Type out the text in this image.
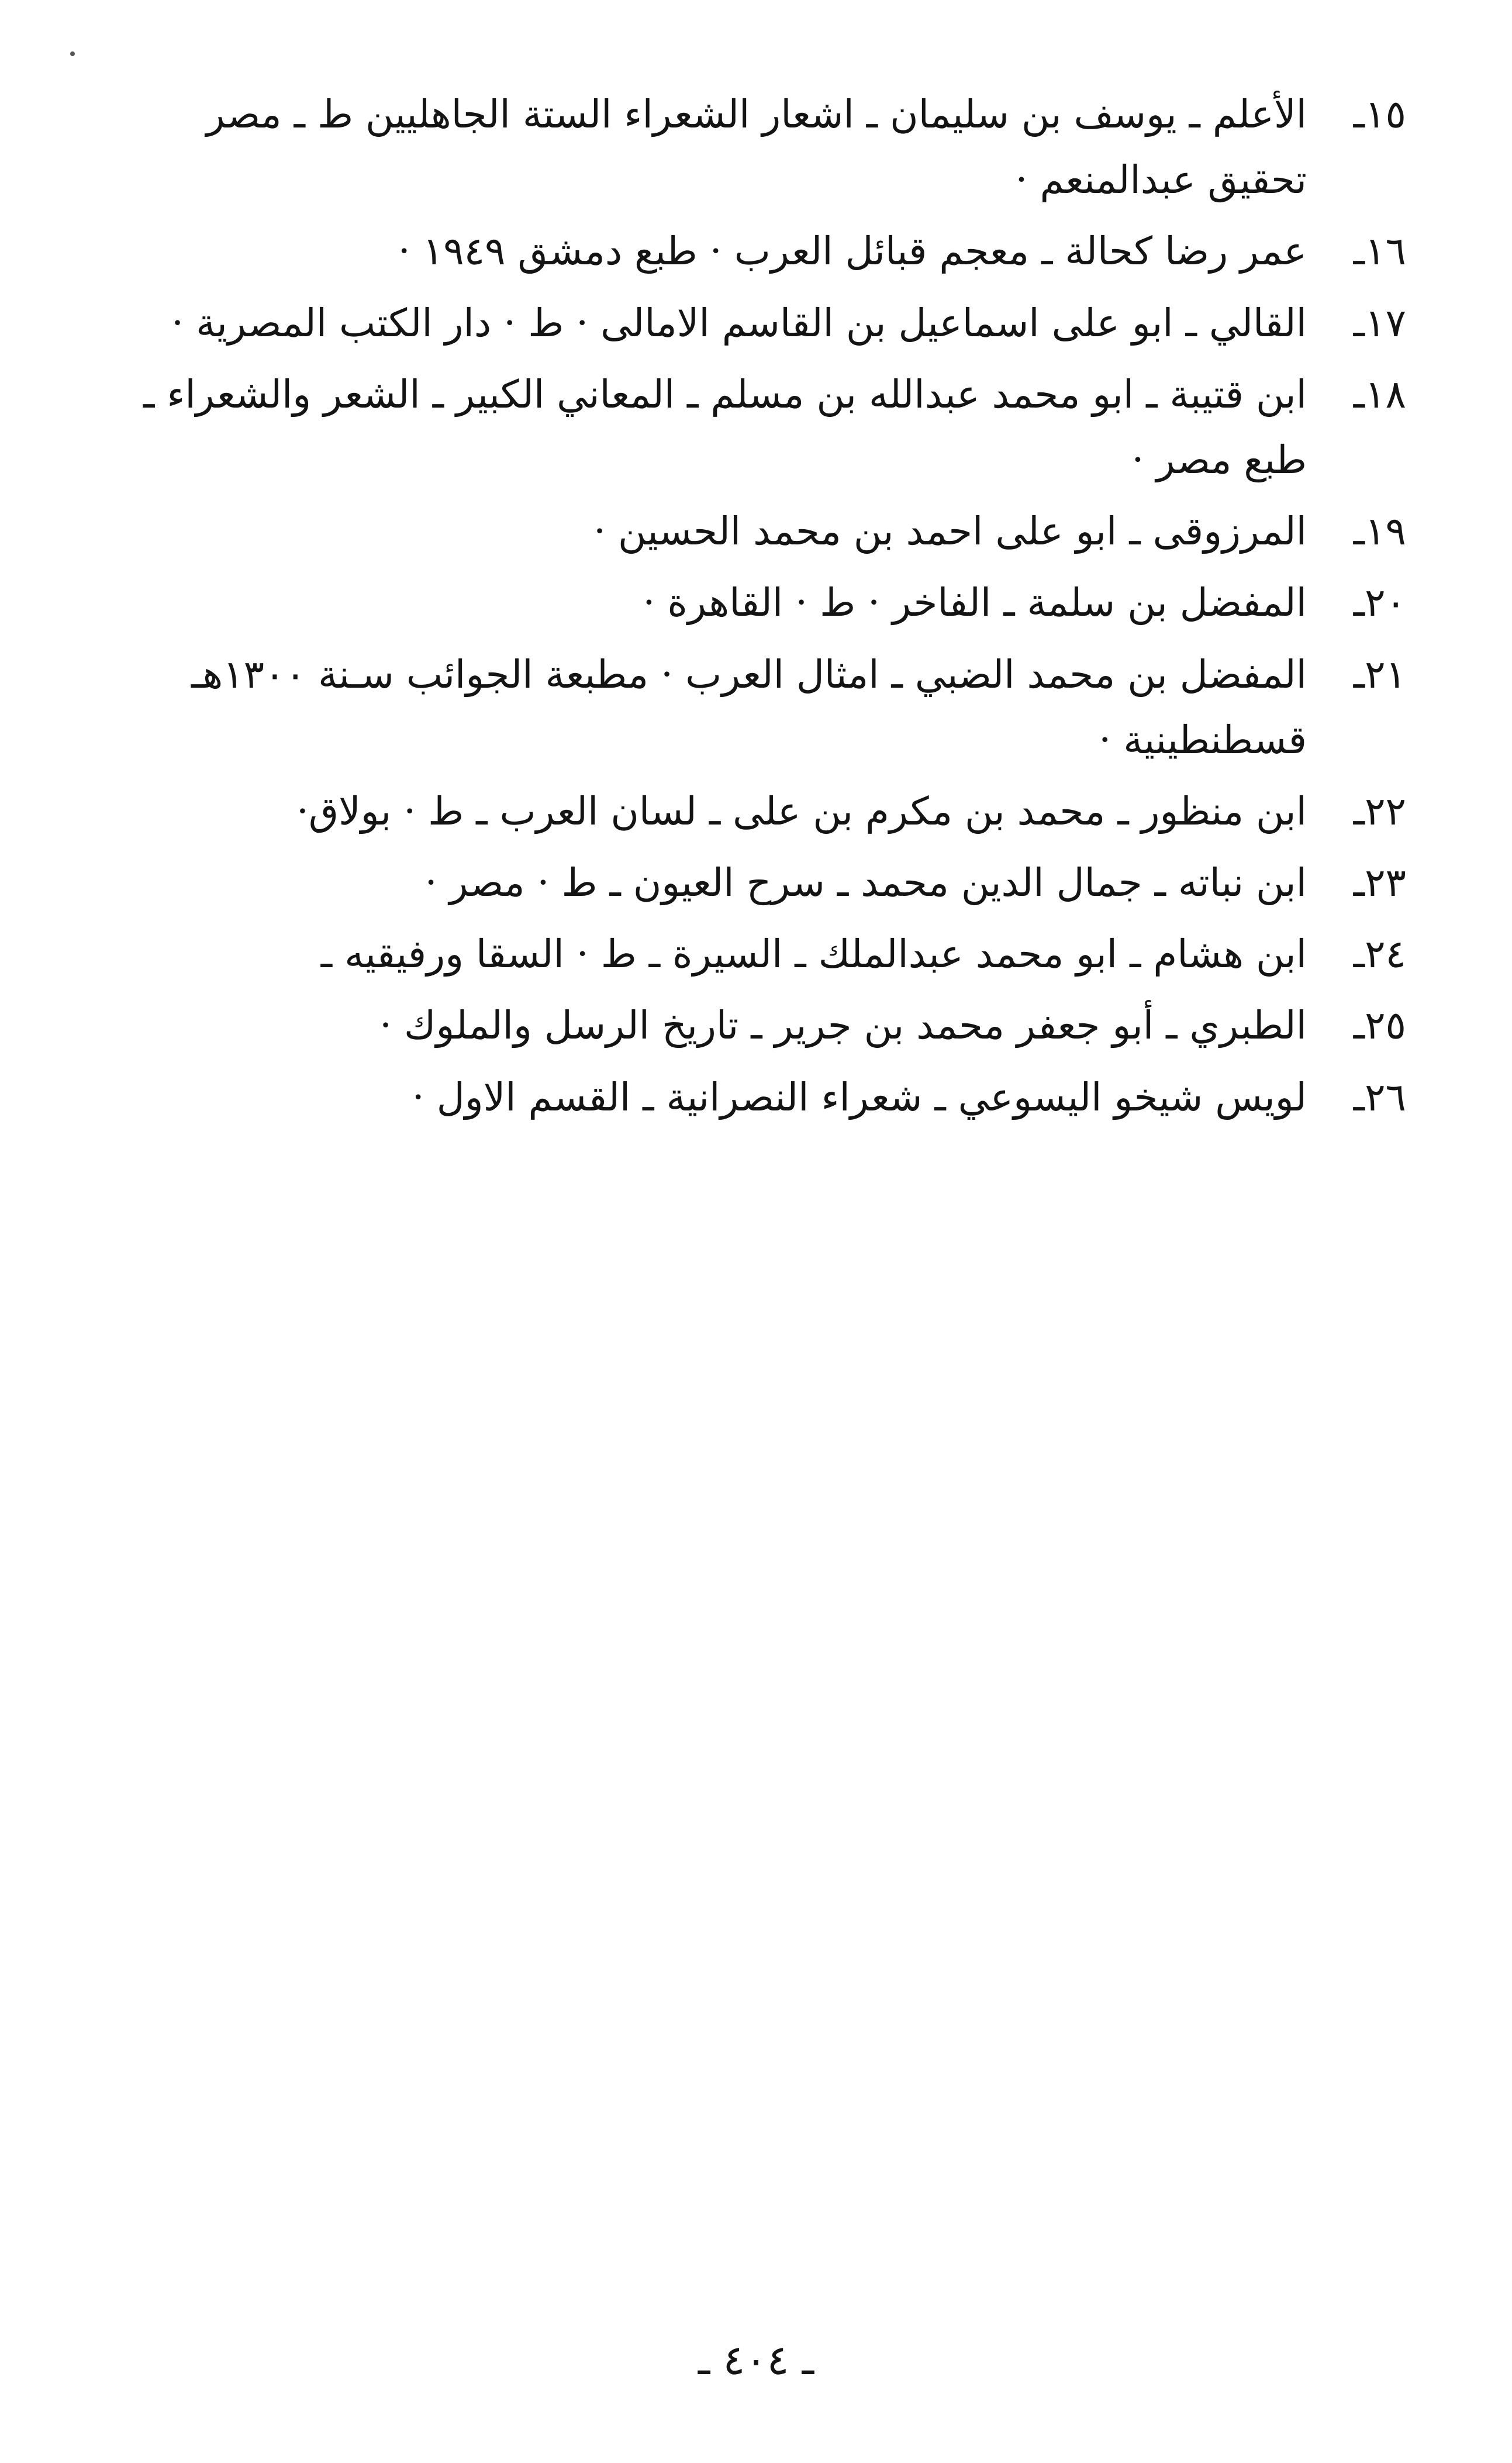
١٥ـ
الأعلم ـ يوسف بن سليمان ـ اشعار الشعراء الستة الجاهليين ط ـ مصر تحقيق عبدالمنعم ·
١٦ـ
عمر رضا كحالة ـ معجم قبائل العرب · طبع دمشق ١٩٤٩ ·
١٧ـ
القالي ـ ابو على اسماعيل بن القاسم الامالى · ط · دار الكتب المصرية ·
١٨ـ
ابن قتيبة ـ ابو محمد عبدالله بن مسلم ـ المعاني الكبير ـ الشعر والشعراء ـ طبع مصر ·
١٩ـ
المرزوقى ـ ابو على احمد بن محمد الحسين ·
٢٠ـ
المفضل بن سلمة ـ الفاخر · ط · القاهرة ·
٢١ـ
المفضل بن محمد الضبي ـ امثال العرب · مطبعة الجوائب سـنة ١٣٠٠هـ قسطنطينية ·
٢٢ـ
ابن منظور ـ محمد بن مكرم بن على ـ لسان العرب ـ ط · بولاق·
٢٣ـ
ابن نباته ـ جمال الدين محمد ـ سرح العيون ـ ط · مصر ·
٢٤ـ
ابن هشام ـ ابو محمد عبدالملك ـ السيرة ـ ط · السقا ورفيقيه ـ
٢٥ـ
الطبري ـ أبو جعفر محمد بن جرير ـ تاريخ الرسل والملوك ·
٢٦ـ
لويس شيخو اليسوعي ـ شعراء النصرانية ـ القسم الاول ·
ـ ٤٠٤ ـ
